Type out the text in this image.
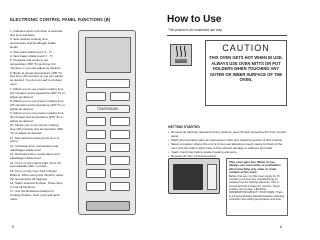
ELECTRONIC CONTROL PANEL FUNCTIONS (B)
1. Indicates when a function is selected and time activated.
2. Sets desired cooking time, temperature and food/bagel shade levels.
3. Sets toast shade level (1 - 7).
4. Sets bagel shade level (1 - 7).
5. Preheats and cooks to set temperature (350 °F) and time (10 minutes) or you can adjust as desired.
6. Broils at preset temperature (450 °F) and time (10 minutes) or you can adjust as desired. You do not need to preheat oven.
7. Allows you to use preset cooking time (10 minutes) and temperature (350 °F) or adjust as desired.
8. Allows you to use preset cooking time (20 minutes) and temperature (400 °F) or adjust as desired.
9. Allows you to use preset cooking time (8 minutes) and temperature (425 °F) or adjust as desired.
10. Allows you to use preset cooking time (45 minutes) and temperature (300 °F) or adjust as desired.
11. Sets desired cooking time up to 2 hours.
12. Increases time, temperature and toast/bagel shade level.
13. Decreases time, temperature and toast/bagel shade level.
14. Turns on the interior light; turns off automatically after 1 minute.
15. Turns on the Cool Touch Steam Buttons. When using this function, lower the temperature 25 degrees.
16. Starts selected function. Press Stop to end all functions.
17. Use the Rotisserie feature for cooking chicken, beef, pork and lamb roast.
TOAST/BAGEL
5
How to Use
This product is for household use only.
CAUTION
THIS OVEN GETS HOT WHEN IN USE. ALWAYS USE OVEN MITTS OR POT HOLDERS WHEN TOUCHING ANY OUTER OR INNER SURFACE OF THE OVEN.
GETTING STARTED
• Remove all packing material and any stickers; peel off clear protective film from control panel.
• Wash all removable parts as instructed in Care and Cleaning section of this manual.
• Select a location where this unit is to be used allowing enough space for back of the oven and the wall to allow heat to flow without damage to cabinets and walls.
• Insert crumb tray before toaster heating elements.
• Remove tie from cord and unwind.
This oven gets hot. When in use, always use oven mitts or potholders when touching any outer or inner surface of the oven.
Before first use, run this oven empty for 15 minutes to remove any manufacturing oil residue from the heating elements. This is normal and not a cause for concern. Some smoke may be seen. HELPFUL INFORMATION ABOUT YOUR OVEN: There is a 5 second delay allowed between selecting a function and setting temperature and time.
6
